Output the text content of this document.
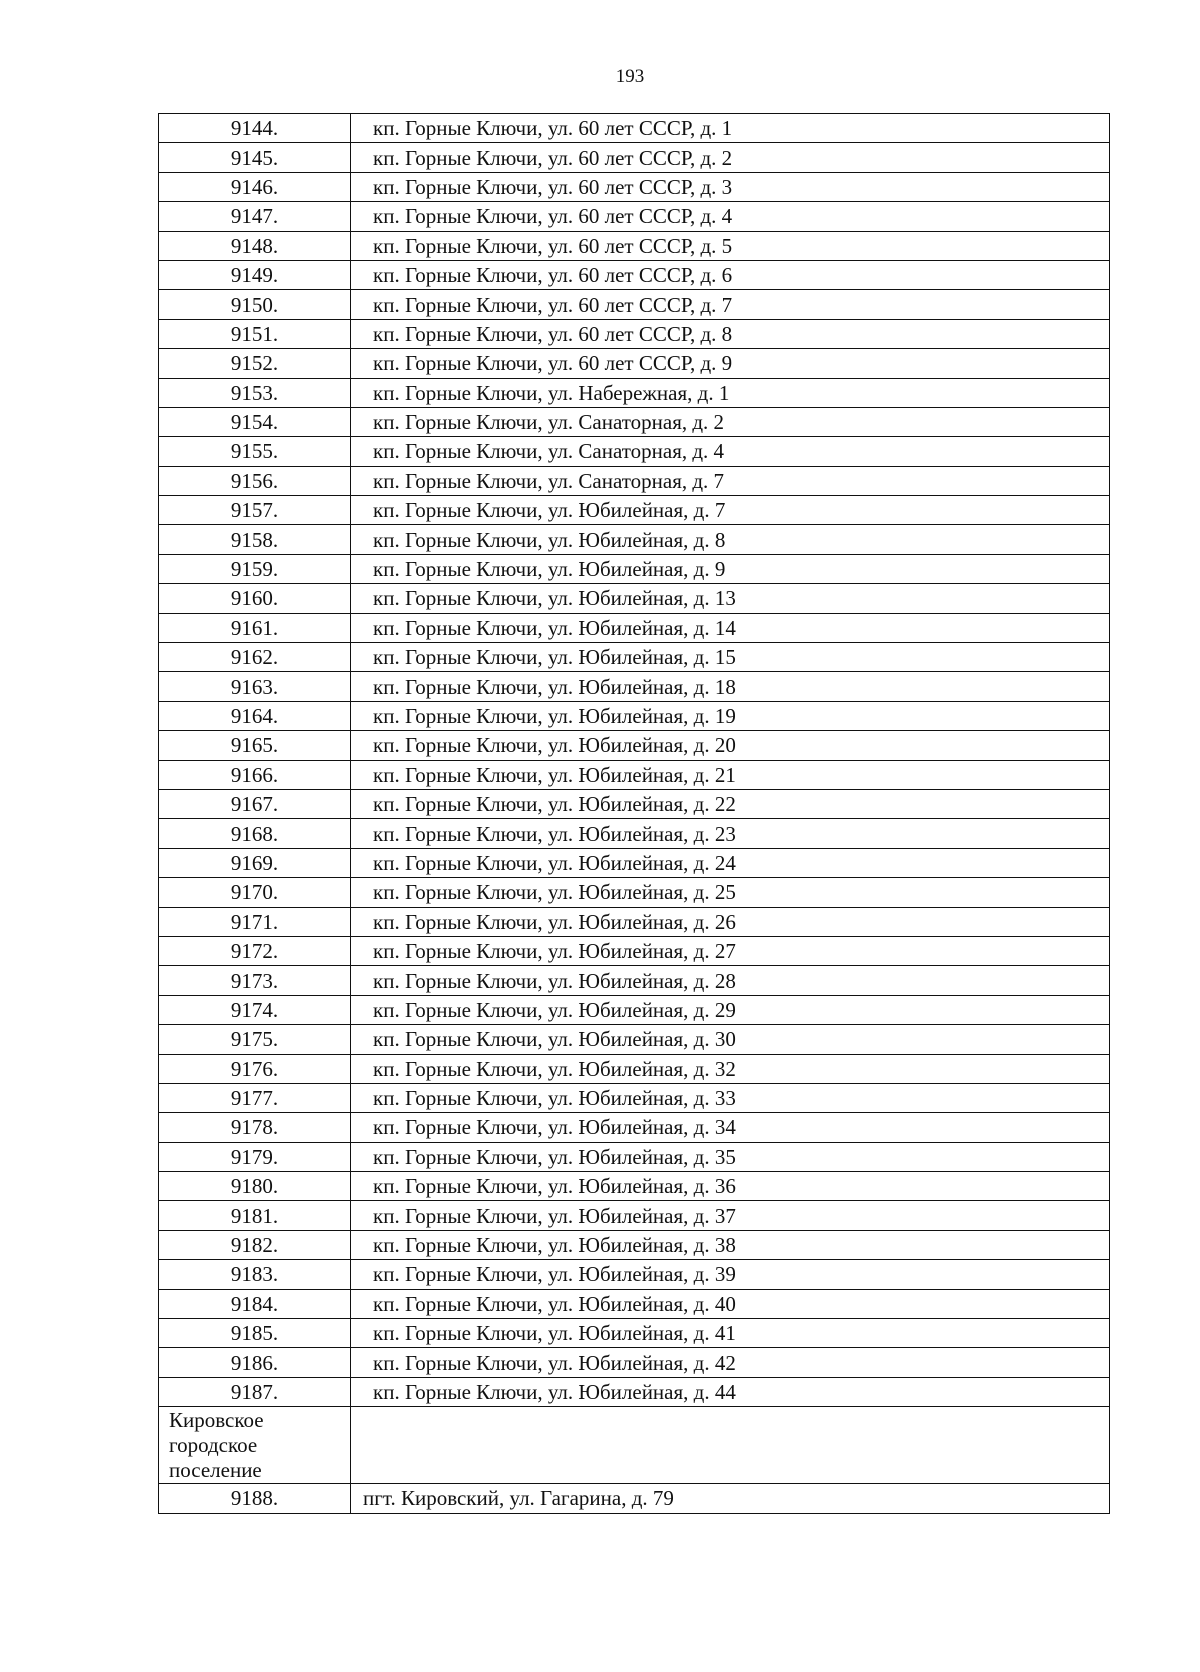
193
9144.	кп. Горные Ключи, ул. 60 лет СССР, д. 1
9145.	кп. Горные Ключи, ул. 60 лет СССР, д. 2
9146.	кп. Горные Ключи, ул. 60 лет СССР, д. 3
9147.	кп. Горные Ключи, ул. 60 лет СССР, д. 4
9148.	кп. Горные Ключи, ул. 60 лет СССР, д. 5
9149.	кп. Горные Ключи, ул. 60 лет СССР, д. 6
9150.	кп. Горные Ключи, ул. 60 лет СССР, д. 7
9151.	кп. Горные Ключи, ул. 60 лет СССР, д. 8
9152.	кп. Горные Ключи, ул. 60 лет СССР, д. 9
9153.	кп. Горные Ключи, ул. Набережная, д. 1
9154.	кп. Горные Ключи, ул. Санаторная, д. 2
9155.	кп. Горные Ключи, ул. Санаторная, д. 4
9156.	кп. Горные Ключи, ул. Санаторная, д. 7
9157.	кп. Горные Ключи, ул. Юбилейная, д. 7
9158.	кп. Горные Ключи, ул. Юбилейная, д. 8
9159.	кп. Горные Ключи, ул. Юбилейная, д. 9
9160.	кп. Горные Ключи, ул. Юбилейная, д. 13
9161.	кп. Горные Ключи, ул. Юбилейная, д. 14
9162.	кп. Горные Ключи, ул. Юбилейная, д. 15
9163.	кп. Горные Ключи, ул. Юбилейная, д. 18
9164.	кп. Горные Ключи, ул. Юбилейная, д. 19
9165.	кп. Горные Ключи, ул. Юбилейная, д. 20
9166.	кп. Горные Ключи, ул. Юбилейная, д. 21
9167.	кп. Горные Ключи, ул. Юбилейная, д. 22
9168.	кп. Горные Ключи, ул. Юбилейная, д. 23
9169.	кп. Горные Ключи, ул. Юбилейная, д. 24
9170.	кп. Горные Ключи, ул. Юбилейная, д. 25
9171.	кп. Горные Ключи, ул. Юбилейная, д. 26
9172.	кп. Горные Ключи, ул. Юбилейная, д. 27
9173.	кп. Горные Ключи, ул. Юбилейная, д. 28
9174.	кп. Горные Ключи, ул. Юбилейная, д. 29
9175.	кп. Горные Ключи, ул. Юбилейная, д. 30
9176.	кп. Горные Ключи, ул. Юбилейная, д. 32
9177.	кп. Горные Ключи, ул. Юбилейная, д. 33
9178.	кп. Горные Ключи, ул. Юбилейная, д. 34
9179.	кп. Горные Ключи, ул. Юбилейная, д. 35
9180.	кп. Горные Ключи, ул. Юбилейная, д. 36
9181.	кп. Горные Ключи, ул. Юбилейная, д. 37
9182.	кп. Горные Ключи, ул. Юбилейная, д. 38
9183.	кп. Горные Ключи, ул. Юбилейная, д. 39
9184.	кп. Горные Ключи, ул. Юбилейная, д. 40
9185.	кп. Горные Ключи, ул. Юбилейная, д. 41
9186.	кп. Горные Ключи, ул. Юбилейная, д. 42
9187.	кп. Горные Ключи, ул. Юбилейная, д. 44
Кировское
городское
поселение	
9188.	пгт. Кировский, ул. Гагарина, д. 79
